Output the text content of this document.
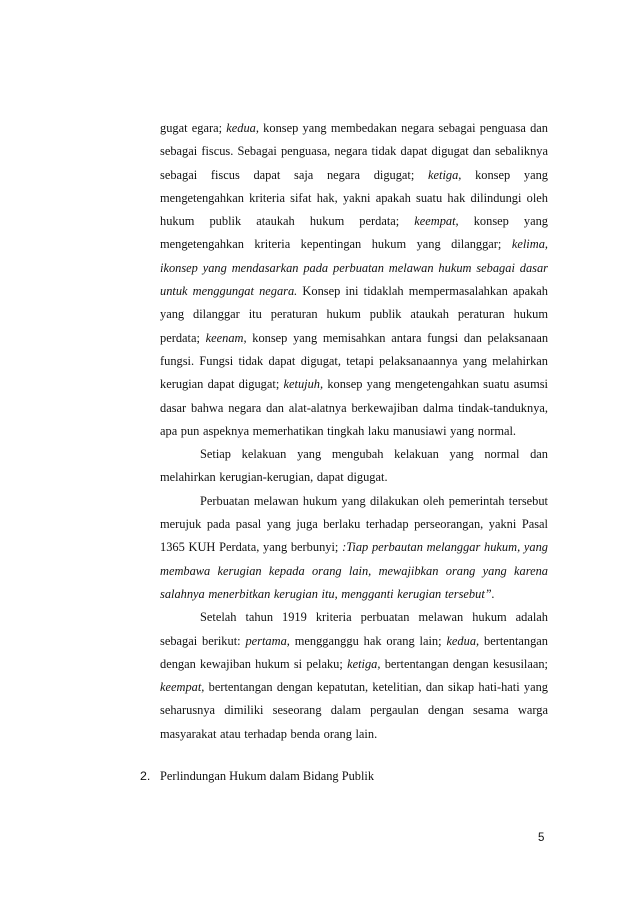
gugat egara; kedua, konsep yang membedakan negara sebagai penguasa dan sebagai fiscus. Sebagai penguasa, negara tidak dapat digugat dan sebaliknya sebagai fiscus dapat saja negara digugat; ketiga, konsep yang mengetengahkan kriteria sifat hak, yakni apakah suatu hak dilindungi oleh hukum publik ataukah hukum perdata; keempat, konsep yang mengetengahkan kriteria kepentingan hukum yang dilanggar; kelima, ikonsep yang mendasarkan pada perbuatan melawan hukum sebagai dasar untuk menggungat negara. Konsep ini tidaklah mempermasalahkan apakah yang dilanggar itu peraturan hukum publik ataukah peraturan hukum perdata; keenam, konsep yang memisahkan antara fungsi dan pelaksanaan fungsi. Fungsi tidak dapat digugat, tetapi pelaksanaannya yang melahirkan kerugian dapat digugat; ketujuh, konsep yang mengetengahkan suatu asumsi dasar bahwa negara dan alat-alatnya berkewajiban dalma tindak-tanduknya, apa pun aspeknya memerhatikan tingkah laku manusiawi yang normal.

Setiap kelakuan yang mengubah kelakuan yang normal dan melahirkan kerugian-kerugian, dapat digugat.

Perbuatan melawan hukum yang dilakukan oleh pemerintah tersebut merujuk pada pasal yang juga berlaku terhadap perseorangan, yakni Pasal 1365 KUH Perdata, yang berbunyi; :Tiap perbautan melanggar hukum, yang membawa kerugian kepada orang lain, mewajibkan orang yang karena salahnya menerbitkan kerugian itu, mengganti kerugian tersebut”.

Setelah tahun 1919 kriteria perbuatan melawan hukum adalah sebagai berikut: pertama, mengganggu hak orang lain; kedua, bertentangan dengan kewajiban hukum si pelaku; ketiga, bertentangan dengan kesusilaan; keempat, bertentangan dengan kepatutan, ketelitian, dan sikap hati-hati yang seharusnya dimiliki seseorang dalam pergaulan dengan sesama warga masyarakat atau terhadap benda orang lain.

2. Perlindungan Hukum dalam Bidang Publik
5
